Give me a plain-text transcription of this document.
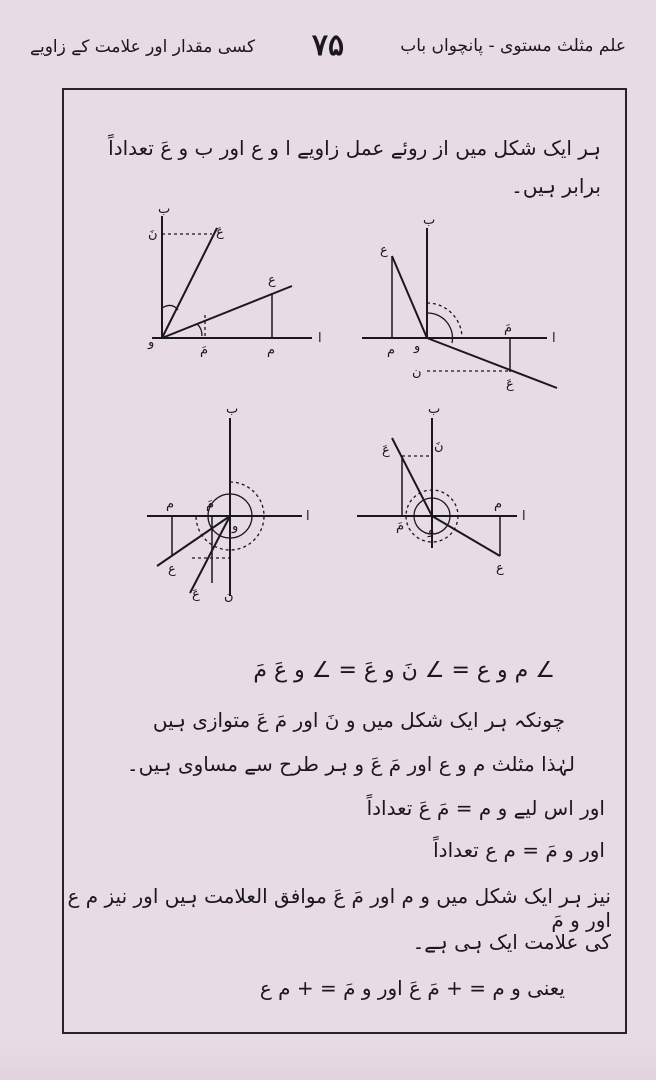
کسی مقدار اور علامت کے زاویے ۷۵	علم مثلث مستوی - پانچواں باب
ہر ایک شکل میں از روئے عمل زاویے ا و ع اور ب و عَ تعداداً
برابر ہیں۔
∠ م و ع = ∠ نَ و عَ = ∠ و عَ مَ
چونکہ ہر ایک شکل میں و نَ اور مَ عَ متوازی ہیں
لہٰذا مثلث م و ع اور مَ عَ و ہر طرح سے مساوی ہیں۔
اور اس لیے و م = مَ عَ تعداداً
اور و مَ = م ع تعداداً
نیز ہر ایک شکل میں و م اور مَ عَ موافق العلامت ہیں اور نیز م ع اور و مَ
کی علامت ایک ہی ہے۔
یعنی و م = + مَ عَ اور و مَ = + م ع
ب
نَ	عَ
ع
و
مَ	م
ا
ب
ع
مَ
م و
ن
عَ
ا
ب
م مَ
و
ا
ع
عَ ن
ب
نَ
عَ
مَ و
م
ع
ا
